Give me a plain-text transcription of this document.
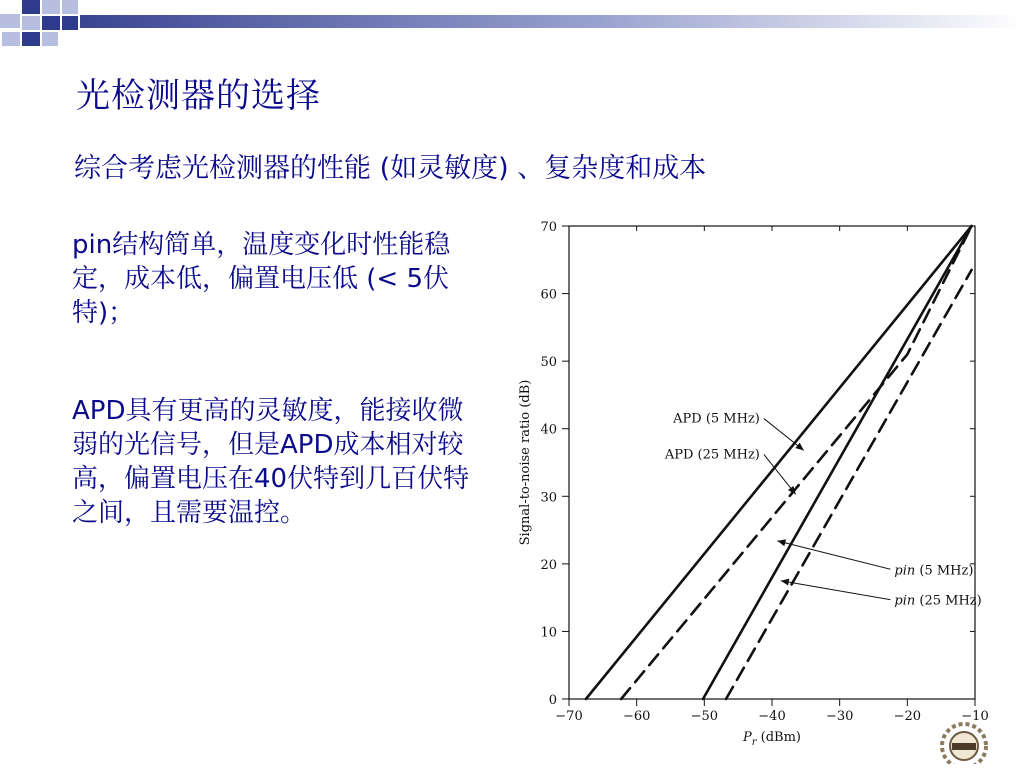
光检测器的选择

综合考虑光检测器的性能 (如灵敏度) 、复杂度和成本

pin结构简单，温度变化时性能稳定，成本低，偏置电压低 (< 5伏特)；

APD具有更高的灵敏度，能接收微弱的光信号，但是APD成本相对较高，偏置电压在40伏特到几百伏特之间，且需要温控。

0
10
20
30
40
50
60
70
−70	−60	−50	−40	−30	−20	−10
Signal-to-noise ratio (dB)
$P_r$ (dBm)
APD (5 MHz)
APD (25 MHz)
pin (5 MHz)
pin (25 MHz)
